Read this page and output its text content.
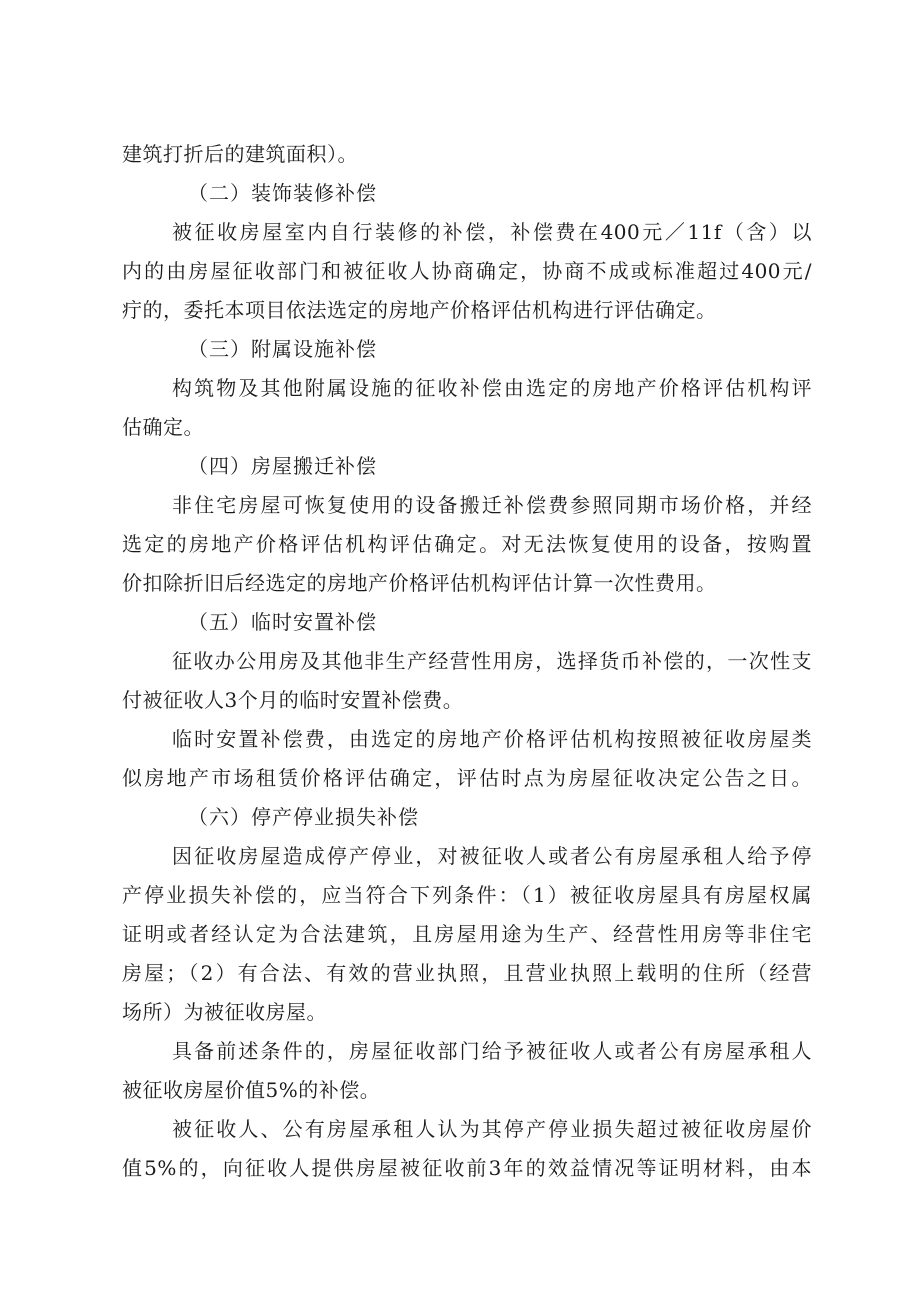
建筑打折后的建筑面积）。
（二）装饰装修补偿
被征收房屋室内自行装修的补偿，补偿费在400元／11f（含）以
内的由房屋征收部门和被征收人协商确定，协商不成或标准超过400元/
疔的，委托本项目依法选定的房地产价格评估机构进行评估确定。
（三）附属设施补偿
构筑物及其他附属设施的征收补偿由选定的房地产价格评估机构评
估确定。
（四）房屋搬迁补偿
非住宅房屋可恢复使用的设备搬迁补偿费参照同期市场价格，并经
选定的房地产价格评估机构评估确定。对无法恢复使用的设备，按购置
价扣除折旧后经选定的房地产价格评估机构评估计算一次性费用。
（五）临时安置补偿
征收办公用房及其他非生产经营性用房，选择货币补偿的，一次性支
付被征收人3个月的临时安置补偿费。
临时安置补偿费，由选定的房地产价格评估机构按照被征收房屋类
似房地产市场租赁价格评估确定，评估时点为房屋征收决定公告之日。
（六）停产停业损失补偿
因征收房屋造成停产停业，对被征收人或者公有房屋承租人给予停
产停业损失补偿的，应当符合下列条件：（1）被征收房屋具有房屋权属
证明或者经认定为合法建筑，且房屋用途为生产、经营性用房等非住宅
房屋；（2）有合法、有效的营业执照，且营业执照上载明的住所（经营
场所）为被征收房屋。
具备前述条件的，房屋征收部门给予被征收人或者公有房屋承租人
被征收房屋价值5%的补偿。
被征收人、公有房屋承租人认为其停产停业损失超过被征收房屋价
值5%的，向征收人提供房屋被征收前3年的效益情况等证明材料，由本
